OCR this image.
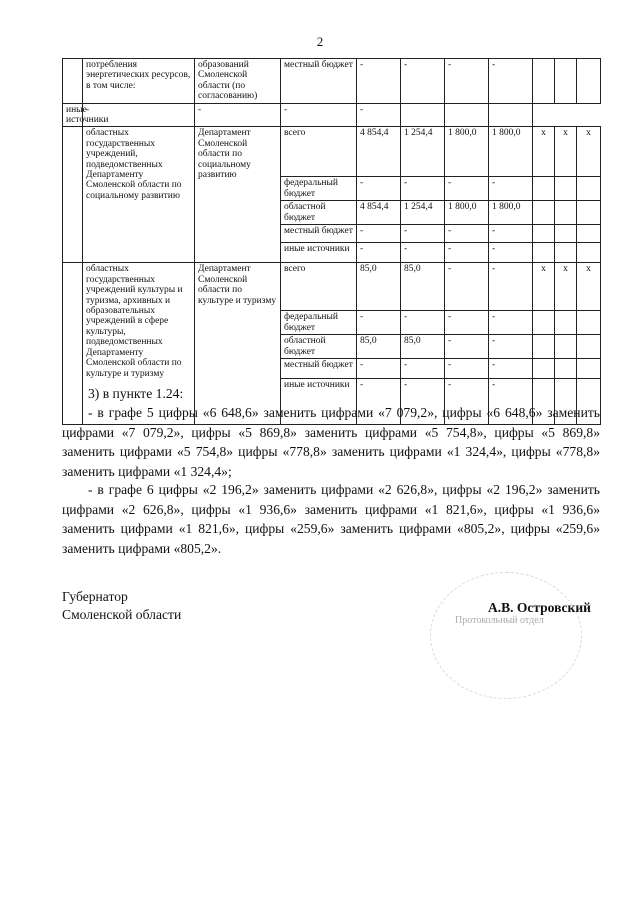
2
	потребления энергетических ресурсов, в том числе:	образований Смоленской области (по согласованию)	местный бюджет	-	-	-	-			
иные источники	-	-	-	-						
	областных государственных учреждений, подведомственных Департаменту Смоленской области по социальному развитию	Департамент Смоленской области по социальному развитию	всего	4 854,4	1 254,4	1 800,0	1 800,0	х	х	х
			федеральный бюджет	-	-	-	-			
			областной бюджет	4 854,4	1 254,4	1 800,0	1 800,0			
			местный бюджет	-	-	-	-			
			иные источники	-	-	-	-			
	областных государственных учреждений культуры и туризма, архивных и образовательных учреждений в сфере культуры, подведомственных Департаменту Смоленской области по культуре и туризму	Департамент Смоленской области по культуре и туризму	всего	85,0	85,0	-	-	х	х	х
			федеральный бюджет	-	-	-	-			
			областной бюджет	85,0	85,0	-	-			
			местный бюджет	-	-	-	-			
			иные источники	-	-	-	-			
3) в пункте 1.24:
- в графе 5 цифры «6 648,6» заменить цифрами «7 079,2», цифры «6 648,6» заменить цифрами «7 079,2», цифры «5 869,8» заменить цифрами «5 754,8», цифры «5 869,8» заменить цифрами «5 754,8» цифры «778,8» заменить цифрами «1 324,4», цифры «778,8» заменить цифрами «1 324,4»;
- в графе 6 цифры «2 196,2» заменить цифрами «2 626,8», цифры «2 196,2» заменить цифрами «2 626,8», цифры «1 936,6» заменить цифрами «1 821,6», цифры «1 936,6» заменить цифрами «1 821,6», цифры «259,6» заменить цифрами «805,2», цифры «259,6» заменить цифрами «805,2».
Губернатор
Смоленской области	Протокольный отдел
А.В. Островский
